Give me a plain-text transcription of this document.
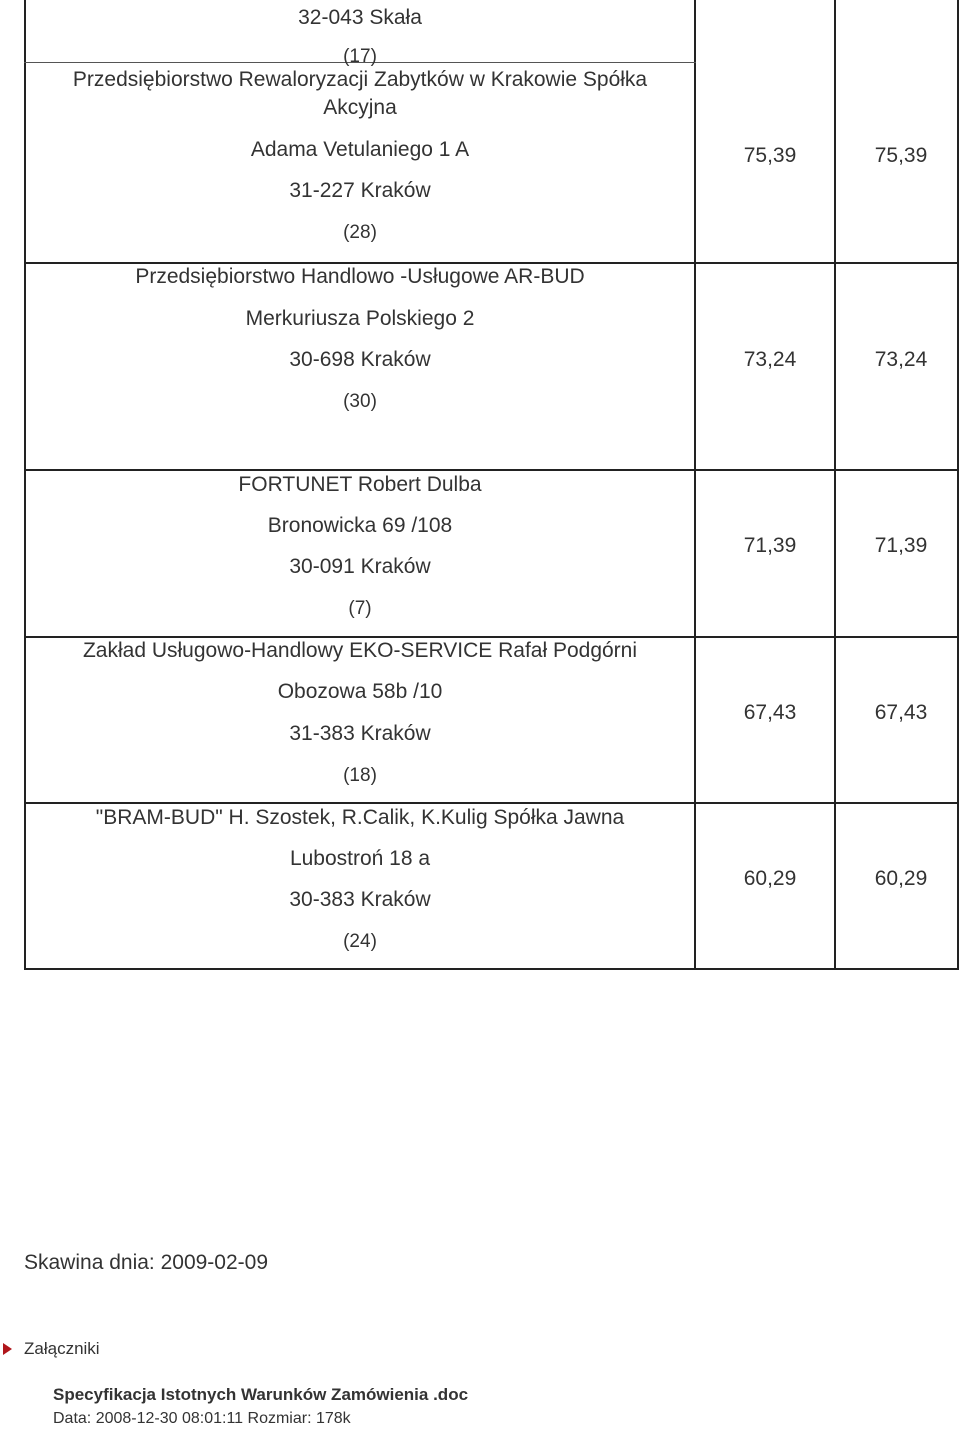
32-043 Skała
(17)
Przedsiębiorstwo Rewaloryzacji Zabytków w Krakowie Spółka
Akcyjna
Adama Vetulaniego 1 A
31-227 Kraków
(28)
75,39	75,39
Przedsiębiorstwo Handlowo -Usługowe AR-BUD
Merkuriusza Polskiego 2
30-698 Kraków
(30)
73,24	73,24
FORTUNET Robert Dulba
Bronowicka 69 /108
30-091 Kraków
(7)
71,39	71,39
Zakład Usługowo-Handlowy EKO-SERVICE Rafał Podgórni
Obozowa 58b /10
31-383 Kraków
(18)
67,43	67,43
"BRAM-BUD" H. Szostek, R.Calik, K.Kulig Spółka Jawna
Lubostroń 18 a
30-383 Kraków
(24)
60,29	60,29
Skawina dnia: 2009-02-09
Załączniki
Specyfikacja Istotnych Warunków Zamówienia .doc
Data: 2008-12-30 08:01:11 Rozmiar: 178k
